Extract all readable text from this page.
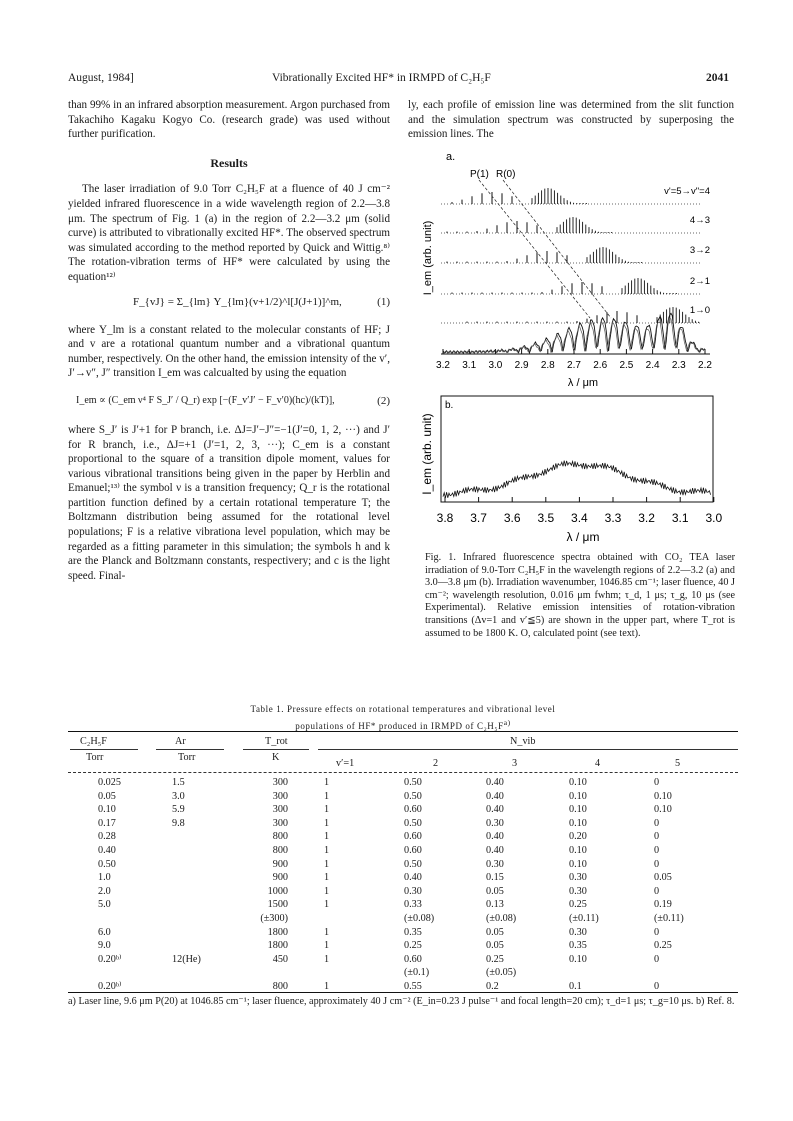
August, 1984]	Vibrationally Excited HF* in IRMPD of C₂H₅F	2041

than 99% in an infrared absorption measurement. Argon purchased from Takachiho Kagaku Kogyo Co. (research grade) was used without further purification.

Results

The laser irradiation of 9.0 Torr C₂H₅F at a fluence of 40 J cm⁻² yielded infrared fluorescence in a wide wavelength region of 2.2—3.8 μm. The spectrum of Fig. 1 (a) in the region of 2.2—3.2 μm (solid curve) is attributed to vibrationally excited HF*. The observed spectrum was simulated according to the method reported by Quick and Wittig.⁸⁾ The rotation-vibration terms of HF* were calculated by using the equation¹²⁾

F_{vJ} = Σ_{lm} Y_{lm}(v+1/2)^l[J(J+1)]^m,	(1)

where Y_lm is a constant related to the molecular constants of HF; J and v are a rotational quantum number and a vibrational quantum number, respectively. On the other hand, the emission intensity of the v′, J′→v″, J″ transition I_em was calcualted by using the equation

I_em ∝ (C_em ν⁴ F S_J′ / Q_r) exp [−(F_v′J′ − F_v′0)(hc)/(kT)],	(2)

where S_J′ is J′+1 for P branch, i.e. ΔJ=J′−J″=−1(J′=0, 1, 2, ···) and J′ for R branch, i.e., ΔJ=+1 (J′=1, 2, 3, ···); C_em is a constant proportional to the square of a transition dipole moment, values for various vibrational transitions being given in the paper by Herblin and Emanuel;¹³⁾ the symbol ν is a transition frequency; Q_r is the rotational partition function defined by a certain rotational temperature T; the Boltzmann distribution being assumed for the rotational level populations; F is a relative vibrationa level population, which may be regarded as a fitting parameter in this simulation; the symbols h and k are the Planck and Boltzmann constants, respectivery; and c is the light speed. Final-

ly, each profile of emission line was determined from the slit function and the simulation spectrum was constructed by superposing the emission lines. The
a.
P(1) R(0)
v'=5→v"=4
4→3
3→2
2→1
1→0
3.2 3.1 3.0 2.9 2.8 2.7 2.6 2.5 2.4 2.3 2.2
λ / μm
I_em (arb. unit)
b.
3.8 3.7 3.6 3.5 3.4 3.3 3.2 3.1 3.0
λ / μm
I_em (arb. unit)
Fig. 1. Infrared fluorescence spectra obtained with CO₂ TEA laser irradiation of 9.0-Torr C₂H₅F in the wavelength regions of 2.2—3.2 (a) and 3.0—3.8 μm (b). Irradiation wavenumber, 1046.85 cm⁻¹; laser fluence, 40 J cm⁻²; wavelength resolution, 0.016 μm fwhm; τ_d, 1 μs; τ_g, 10 μs (see Experimental). Relative emission intensities of rotation-vibration transitions (Δv=1 and v′≦5) are shown in the upper part, where T_rot is assumed to be 1800 K. O, calculated point (see text).
Table 1. Pressure effects on rotational temperatures and vibrational level
populations of HF* produced in IRMPD of $C_2H_5F^{a)}$
C₂H₅F	Ar	T_rot	N_vib
Torr	Torr	K
v′=1	2	3	4	5
0.025	1.5	300	1	0.50	0.40	0.10	0
0.05	3.0	300	1	0.50	0.40	0.10	0.10
0.10	5.9	300	1	0.60	0.40	0.10	0.10
0.17	9.8	300	1	0.50	0.30	0.10	0
0.28		800	1	0.60	0.40	0.20	0
0.40		800	1	0.60	0.40	0.10	0
0.50		900	1	0.50	0.30	0.10	0
1.0		900	1	0.40	0.15	0.30	0.05
2.0		1000	1	0.30	0.05	0.30	0
5.0		1500	1	0.33	0.13	0.25	0.19
		(±300)		(±0.08)	(±0.08)	(±0.11)	(±0.11)
6.0		1800	1	0.35	0.05	0.30	0
9.0		1800	1	0.25	0.05	0.35	0.25
0.20ᵇ⁾	12(He)	450	1	0.60	0.25	0.10	0
				(±0.1)	(±0.05)		
0.20ᵇ⁾		800	1	0.55	0.2	0.1	0
a) Laser line, 9.6 μm P(20) at 1046.85 cm⁻¹; laser fluence, approximately 40 J cm⁻² (E_in=0.23 J pulse⁻¹ and focal length=20 cm); τ_d=1 μs; τ_g=10 μs. b) Ref. 8.
